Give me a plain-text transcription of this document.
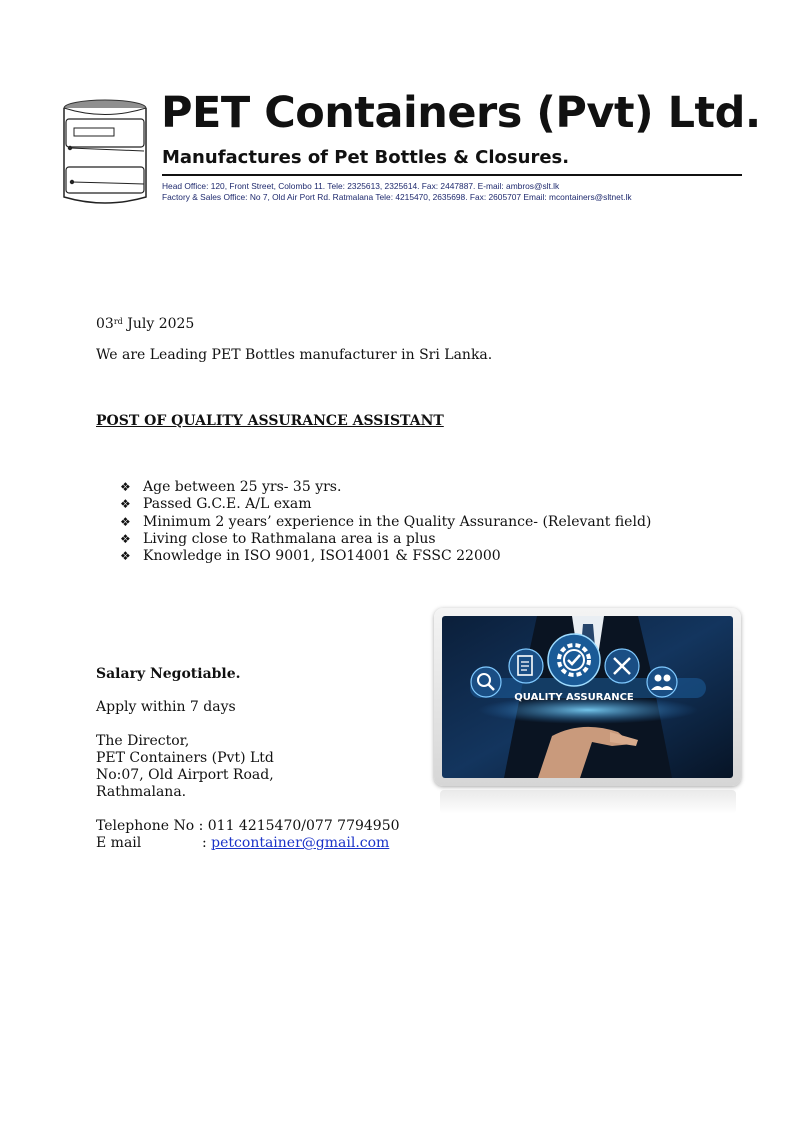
PET Containers (Pvt) Ltd.
Manufactures of Pet Bottles & Closures.
Head Office: 120, Front Street, Colombo 11. Tele: 2325613, 2325614. Fax: 2447887. E-mail: ambros@slt.lk
Factory & Sales Office: No 7, Old Air Port Rd. Ratmalana Tele: 4215470, 2635698. Fax: 2605707 Email: mcontainers@sltnet.lk
03rd July 2025
We are Leading PET Bottles manufacturer in Sri Lanka.
POST OF QUALITY ASSURANCE ASSISTANT
❖ Age between 25 yrs- 35 yrs.
❖ Passed G.C.E. A/L exam
❖ Minimum 2 years’ experience in the Quality Assurance- (Relevant field)
❖ Living close to Rathmalana area is a plus
❖ Knowledge in ISO 9001, ISO14001 & FSSC 22000
Salary Negotiable.
Apply within 7 days
The Director,
PET Containers (Pvt) Ltd
No:07, Old Airport Road,
Rathmalana.
Telephone No : 011 4215470/077 7794950
E mail	: petcontainer@gmail.com
QUALITY ASSURANCE
